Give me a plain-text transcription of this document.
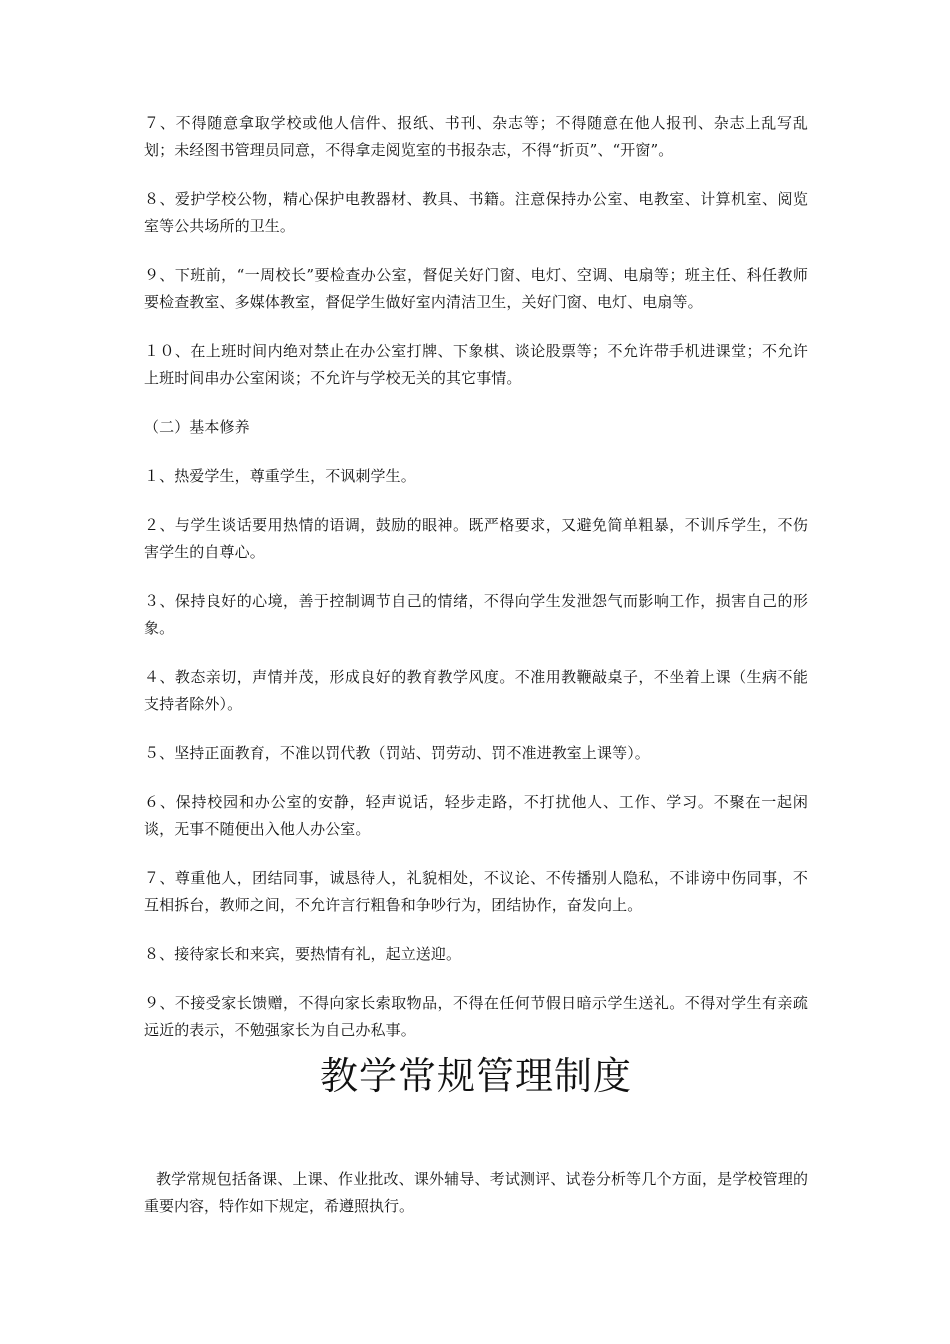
７、不得随意拿取学校或他人信件、报纸、书刊、杂志等；不得随意在他人报刊、杂志上乱写乱划；未经图书管理员同意，不得拿走阅览室的书报杂志，不得“折页”、“开窗”。

８、爱护学校公物，精心保护电教器材、教具、书籍。注意保持办公室、电教室、计算机室、阅览室等公共场所的卫生。

９、下班前，“一周校长”要检查办公室，督促关好门窗、电灯、空调、电扇等；班主任、科任教师要检查教室、多媒体教室，督促学生做好室内清洁卫生，关好门窗、电灯、电扇等。

１０、在上班时间内绝对禁止在办公室打牌、下象棋、谈论股票等；不允许带手机进课堂；不允许上班时间串办公室闲谈；不允许与学校无关的其它事情。

（二）基本修养

１、热爱学生，尊重学生，不讽刺学生。

２、与学生谈话要用热情的语调，鼓励的眼神。既严格要求，又避免简单粗暴，不训斥学生，不伤害学生的自尊心。

３、保持良好的心境，善于控制调节自己的情绪，不得向学生发泄怨气而影响工作，损害自己的形象。

４、教态亲切，声情并茂，形成良好的教育教学风度。不准用教鞭敲桌子，不坐着上课（生病不能支持者除外）。

５、坚持正面教育，不准以罚代教（罚站、罚劳动、罚不准进教室上课等）。

６、保持校园和办公室的安静，轻声说话，轻步走路，不打扰他人、工作、学习。不聚在一起闲谈，无事不随便出入他人办公室。

７、尊重他人，团结同事，诚恳待人，礼貌相处，不议论、不传播别人隐私，不诽谤中伤同事，不互相拆台，教师之间，不允许言行粗鲁和争吵行为，团结协作，奋发向上。

８、接待家长和来宾，要热情有礼，起立送迎。

９、不接受家长馈赠，不得向家长索取物品，不得在任何节假日暗示学生送礼。不得对学生有亲疏远近的表示，不勉强家长为自己办私事。

教学常规管理制度

教学常规包括备课、上课、作业批改、课外辅导、考试测评、试卷分析等几个方面，是学校管理的重要内容，特作如下规定，希遵照执行。
